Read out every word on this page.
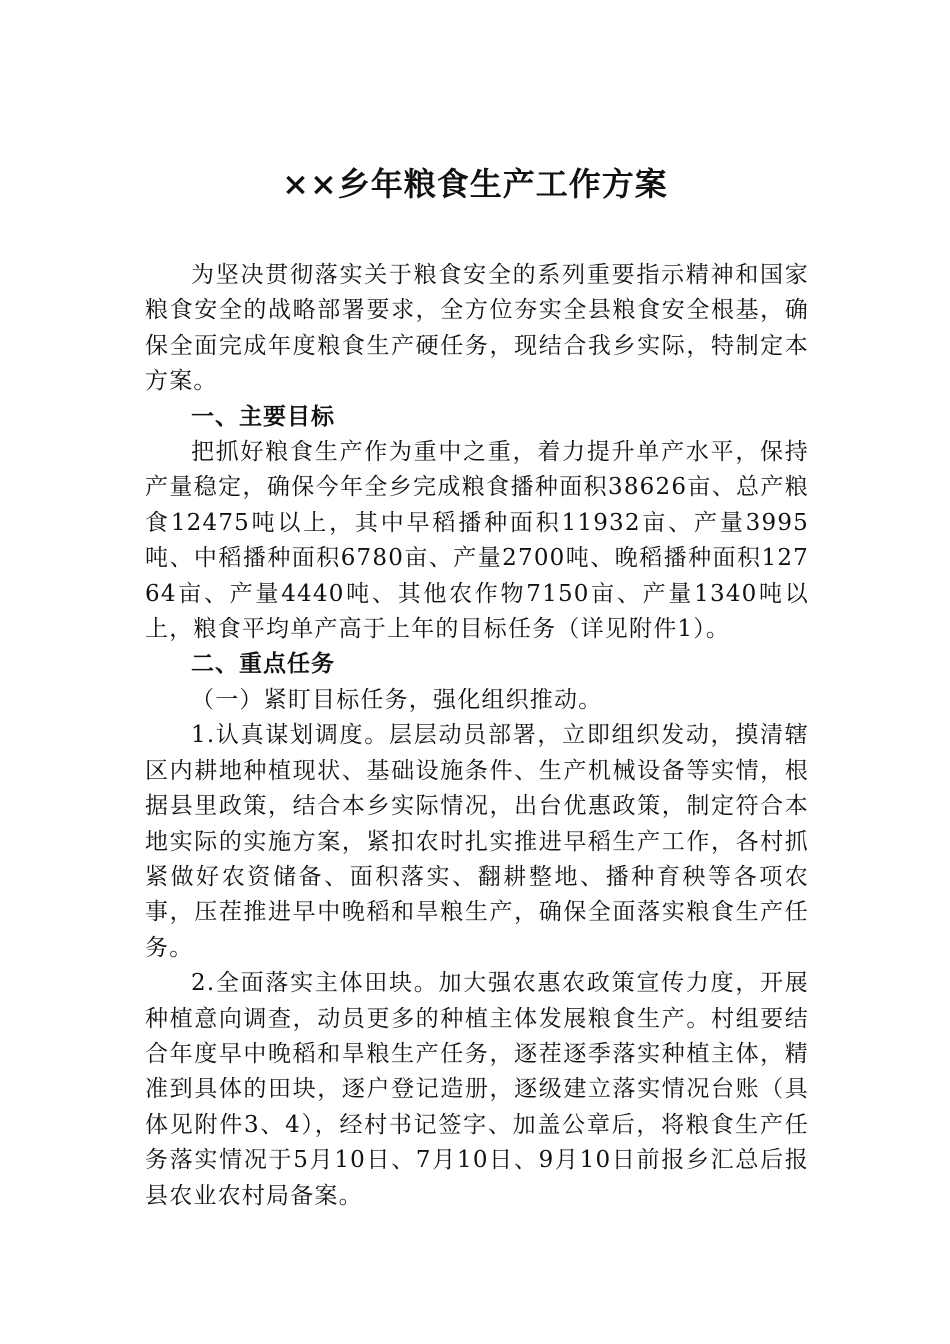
××乡年粮食生产工作方案

为坚决贯彻落实关于粮食安全的系列重要指示精神和国家粮食安全的战略部署要求，全方位夯实全县粮食安全根基，确保全面完成年度粮食生产硬任务，现结合我乡实际，特制定本方案。

一、主要目标

把抓好粮食生产作为重中之重，着力提升单产水平，保持产量稳定，确保今年全乡完成粮食播种面积38626亩、总产粮食12475吨以上，其中早稻播种面积11932亩、产量3995吨、中稻播种面积6780亩、产量2700吨、晚稻播种面积12764亩、产量4440吨、其他农作物7150亩、产量1340吨以上，粮食平均单产高于上年的目标任务（详见附件1）。

二、重点任务

（一）紧盯目标任务，强化组织推动。

1.认真谋划调度。层层动员部署，立即组织发动，摸清辖区内耕地种植现状、基础设施条件、生产机械设备等实情，根据县里政策，结合本乡实际情况，出台优惠政策，制定符合本地实际的实施方案，紧扣农时扎实推进早稻生产工作，各村抓紧做好农资储备、面积落实、翻耕整地、播种育秧等各项农事，压茬推进早中晚稻和旱粮生产，确保全面落实粮食生产任务。

2.全面落实主体田块。加大强农惠农政策宣传力度，开展种植意向调查，动员更多的种植主体发展粮食生产。村组要结合年度早中晚稻和旱粮生产任务，逐茬逐季落实种植主体，精准到具体的田块，逐户登记造册，逐级建立落实情况台账（具体见附件3、4），经村书记签字、加盖公章后，将粮食生产任务落实情况于5月10日、7月10日、9月10日前报乡汇总后报县农业农村局备案。
